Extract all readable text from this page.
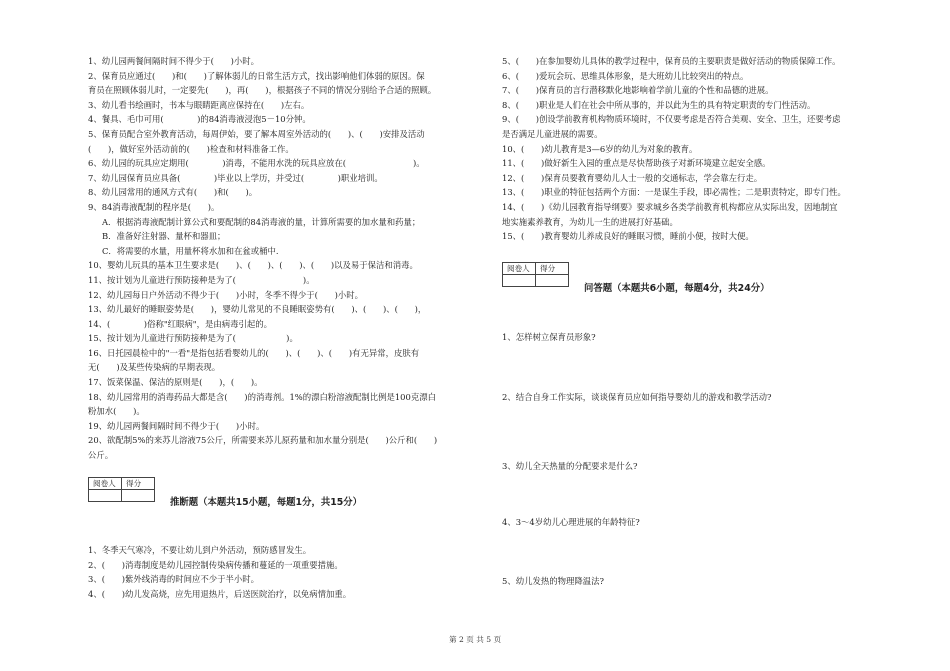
1、幼儿园两餐间隔时间不得少于(　　)小时。
2、保育员应通过(　　)和(　　)了解体弱儿的日常生活方式，找出影响他们体弱的原因。保
育员在照顾体弱儿时，一定要先(　　)，再(　　)，根据孩子不同的情况分别给予合适的照顾。
3、幼儿看书绘画时，书本与眼睛距离应保持在(　　)左右。
4、餐具、毛巾可用(　　　　)的84消毒液浸泡5－10分钟。
5、保育员配合室外教育活动，每周伊始，要了解本周室外活动的(　　)、(　　)安排及活动
(　　)，做好室外活动前的(　　)检查和材料准备工作。
6、幼儿园的玩具应定期用(　　　　)消毒，不能用水洗的玩具应放在(　　　　　　　　)。
7、幼儿园保育员应具备(　　　　)毕业以上学历，并受过(　　　　)职业培训。
8、幼儿园常用的通风方式有(　　)和(　　)。
9、84消毒液配制的程序是(　　)。
A．根据消毒液配制计算公式和要配制的84消毒液的量，计算所需要的加水量和药量；
B．准备好注射器、量杯和器皿；
C．将需要的水量，用量杯将水加和在盆或桶中.
10、婴幼儿玩具的基本卫生要求是(　　)、(　　)、(　　)、(　　)以及易于保洁和消毒。
11、按计划为儿童进行预防接种是为了(　　　　　　　　)。
12、幼儿园每日户外活动不得少于(　　)小时，冬季不得少于(　　)小时。
13、幼儿最好的睡眠姿势是(　　)，婴幼儿常见的不良睡眠姿势有(　　)、(　　)、(　　)，
14、(　　　　)俗称"红眼病"，是由病毒引起的。
15、按计划为儿童进行预防接种是为了(　　　　　　)。
16、日托园晨检中的"一看"是指包括看婴幼儿的(　　)、(　　)、(　　)有无异常，皮肤有
无(　　)及某些传染病的早期表现。
17、饭菜保温、保洁的原则是(　　)，(　　)。
18、幼儿园常用的消毒药品大都是含(　　)的消毒剂。1%的漂白粉溶液配制比例是100克漂白
粉加水(　　)。
19、幼儿园两餐间隔时间不得少于(　　)小时。
20、欲配制5%的来苏儿溶液75公斤，所需要来苏儿原药量和加水量分别是(　　)公斤和(　　)
公斤。
阅卷人	得分

推断题（本题共15小题，每题1分，共15分）
1、冬季天气寒冷，不要让幼儿到户外活动，预防感冒发生。
2、(　　)消毒制度是幼儿园控制传染病传播和蔓延的一项重要措施。
3、(　　)紫外线消毒的时间应不少于半小时。
4、(　　)幼儿发高烧，应先用退热片，后送医院治疗，以免病情加重。
5、(　　)在参加婴幼儿具体的教学过程中，保育员的主要职责是做好活动的物质保障工作。
6、(　　)爱玩会玩、思维具体形象，是大班幼儿比较突出的特点。
7、(　　)保育员的言行潜移默化地影响着学前儿童的个性和品德的进展。
8、(　　)职业是人们在社会中所从事的，并以此为生的具有特定职责的专门性活动。
9、(　　)创设学前教育机构物质环境时，不仅要考虑是否符合美观、安全、卫生，还要考虑
是否满足儿童进展的需要。
10、(　　)幼儿教育是3—6岁的幼儿为对象的教育。
11、(　　)做好新生入园的重点是尽快帮助孩子对新环境建立起安全感。
12、(　　)保育员要教育婴幼儿人士一般的交通标志，学会靠左行走。
13、(　　)职业的特征包括两个方面：一是谋生手段，即必需性；二是职责特定，即专门性。
14、(　　)《幼儿园教育指导纲要》要求城乡各类学前教育机构都应从实际出发，因地制宜
地实施素养教育，为幼儿一生的进展打好基础。
15、(　　)教育婴幼儿养成良好的睡眠习惯，睡前小便，按时大便。
阅卷人	得分

问答题（本题共6小题，每题4分，共24分）
1、怎样树立保育员形象?
2、结合自身工作实际，谈谈保育员应如何指导婴幼儿的游戏和教学活动?
3、幼儿全天热量的分配要求是什么?
4、3～4岁幼儿心理进展的年龄特征?
5、幼儿发热的物理降温法?
第 2 页 共 5 页
